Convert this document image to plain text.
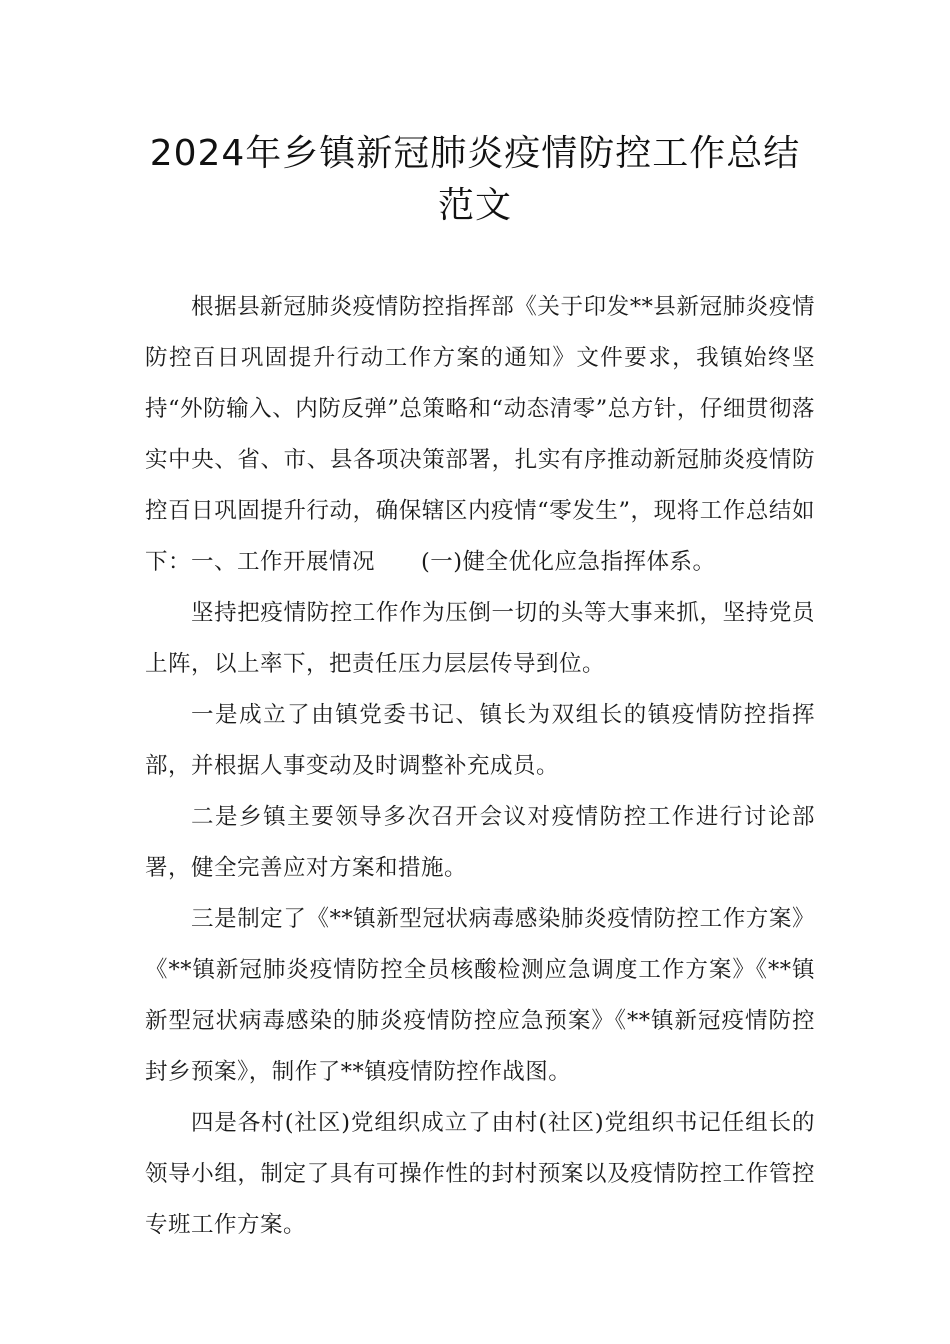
2024年乡镇新冠肺炎疫情防控工作总结
范文

根据县新冠肺炎疫情防控指挥部《关于印发**县新冠肺炎疫情防控百日巩固提升行动工作方案的通知》文件要求，我镇始终坚持“外防输入、内防反弹”总策略和“动态清零”总方针，仔细贯彻落实中央、省、市、县各项决策部署，扎实有序推动新冠肺炎疫情防控百日巩固提升行动，确保辖区内疫情“零发生”，现将工作总结如下：一、工作开展情况　　(一)健全优化应急指挥体系。

坚持把疫情防控工作作为压倒一切的头等大事来抓，坚持党员上阵，以上率下，把责任压力层层传导到位。

一是成立了由镇党委书记、镇长为双组长的镇疫情防控指挥部，并根据人事变动及时调整补充成员。

二是乡镇主要领导多次召开会议对疫情防控工作进行讨论部署，健全完善应对方案和措施。

三是制定了《**镇新型冠状病毒感染肺炎疫情防控工作方案》《**镇新冠肺炎疫情防控全员核酸检测应急调度工作方案》《**镇新型冠状病毒感染的肺炎疫情防控应急预案》《**镇新冠疫情防控封乡预案》，制作了**镇疫情防控作战图。

四是各村(社区)党组织成立了由村(社区)党组织书记任组长的领导小组，制定了具有可操作性的封村预案以及疫情防控工作管控专班工作方案。
